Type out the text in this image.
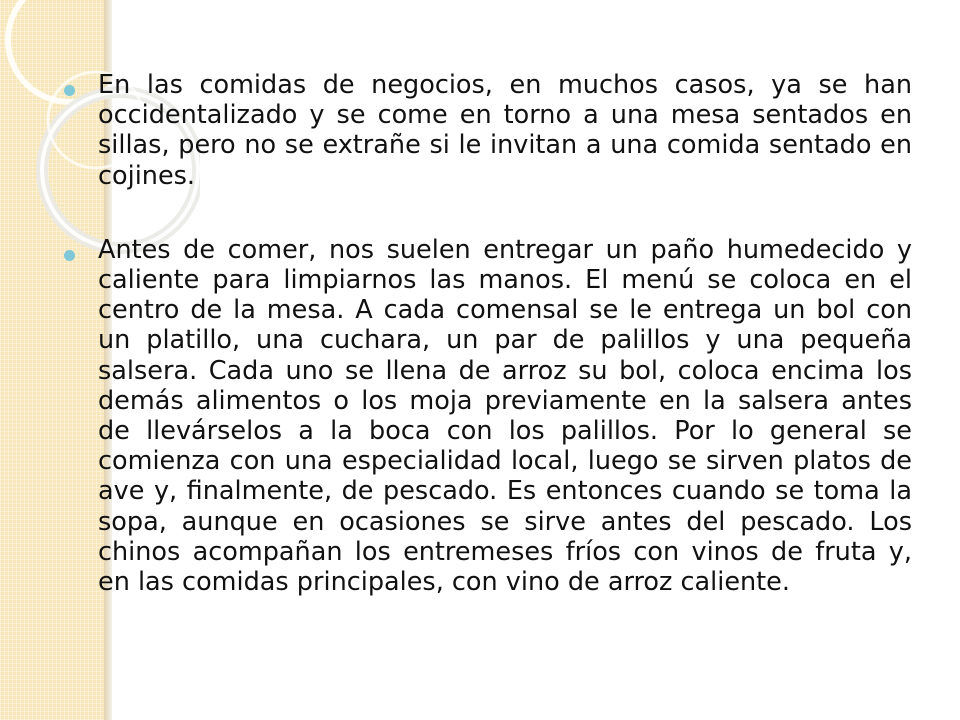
En las comidas de negocios, en muchos casos, ya se han occidentalizado y se come en torno a una mesa sentados en sillas, pero no se extrañe si le invitan a una comida sentado en cojines.

Antes de comer, nos suelen entregar un paño humedecido y caliente para limpiarnos las manos. El menú se coloca en el centro de la mesa. A cada comensal se le entrega un bol con un platillo, una cuchara, un par de palillos y una pequeña salsera. Cada uno se llena de arroz su bol, coloca encima los demás alimentos o los moja previamente en la salsera antes de llevárselos a la boca con los palillos. Por lo general se comienza con una especialidad local, luego se sirven platos de ave y, finalmente, de pescado. Es entonces cuando se toma la sopa, aunque en ocasiones se sirve antes del pescado. Los chinos acompañan los entremeses fríos con vinos de fruta y, en las comidas principales, con vino de arroz caliente.
